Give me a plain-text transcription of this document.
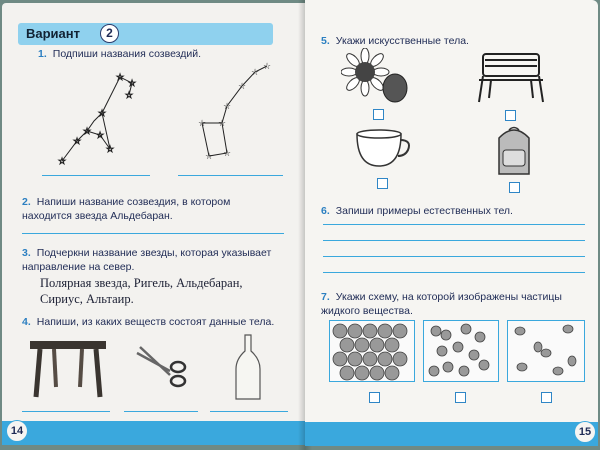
Вариант	2
1. Подпиши названия созвездий.
☆
☆
☆ ☆
☆
☆
☆
☆
☆
☆
☆
☆
☆
☆
☆
☆
☆
2. Напиши название созвездия, в котором находится звезда Альдебаран.
3. Подчеркни название звезды, которая указывает направление на север.
Полярная звезда, Ригель, Альдебаран, Сириус, Альтаир.
4. Напиши, из каких веществ состоят данные тела.
14
5. Укажи искусственные тела.
6. Запиши примеры естественных тел.
7. Укажи схему, на которой изображены частицы жидкого вещества.
15
